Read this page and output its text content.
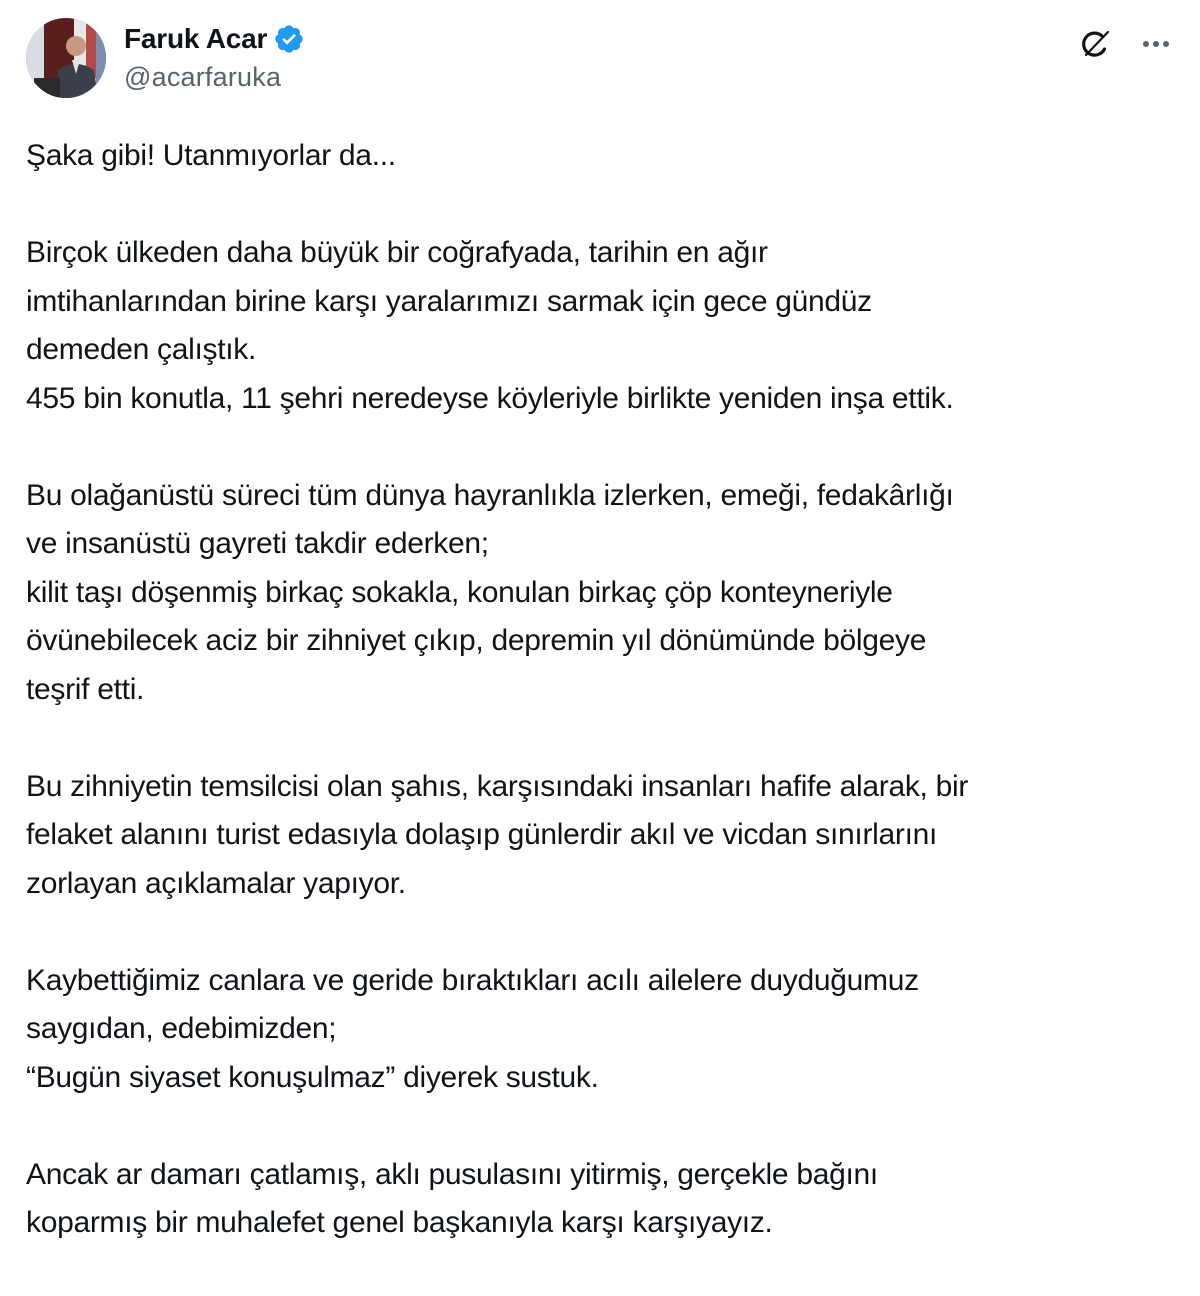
Faruk Acar
@acarfaruka

Şaka gibi! Utanmıyorlar da...

Birçok ülkeden daha büyük bir coğrafyada, tarihin en ağır
imtihanlarından birine karşı yaralarımızı sarmak için gece gündüz
demeden çalıştık.
455 bin konutla, 11 şehri neredeyse köyleriyle birlikte yeniden inşa ettik.

Bu olağanüstü süreci tüm dünya hayranlıkla izlerken, emeği, fedakârlığı
ve insanüstü gayreti takdir ederken;
kilit taşı döşenmiş birkaç sokakla, konulan birkaç çöp konteyneriyle
övünebilecek aciz bir zihniyet çıkıp, depremin yıl dönümünde bölgeye
teşrif etti.

Bu zihniyetin temsilcisi olan şahıs, karşısındaki insanları hafife alarak, bir
felaket alanını turist edasıyla dolaşıp günlerdir akıl ve vicdan sınırlarını
zorlayan açıklamalar yapıyor.

Kaybettiğimiz canlara ve geride bıraktıkları acılı ailelere duyduğumuz
saygıdan, edebimizden;
“Bugün siyaset konuşulmaz” diyerek sustuk.

Ancak ar damarı çatlamış, aklı pusulasını yitirmiş, gerçekle bağını
koparmış bir muhalefet genel başkanıyla karşı karşıyayız.
